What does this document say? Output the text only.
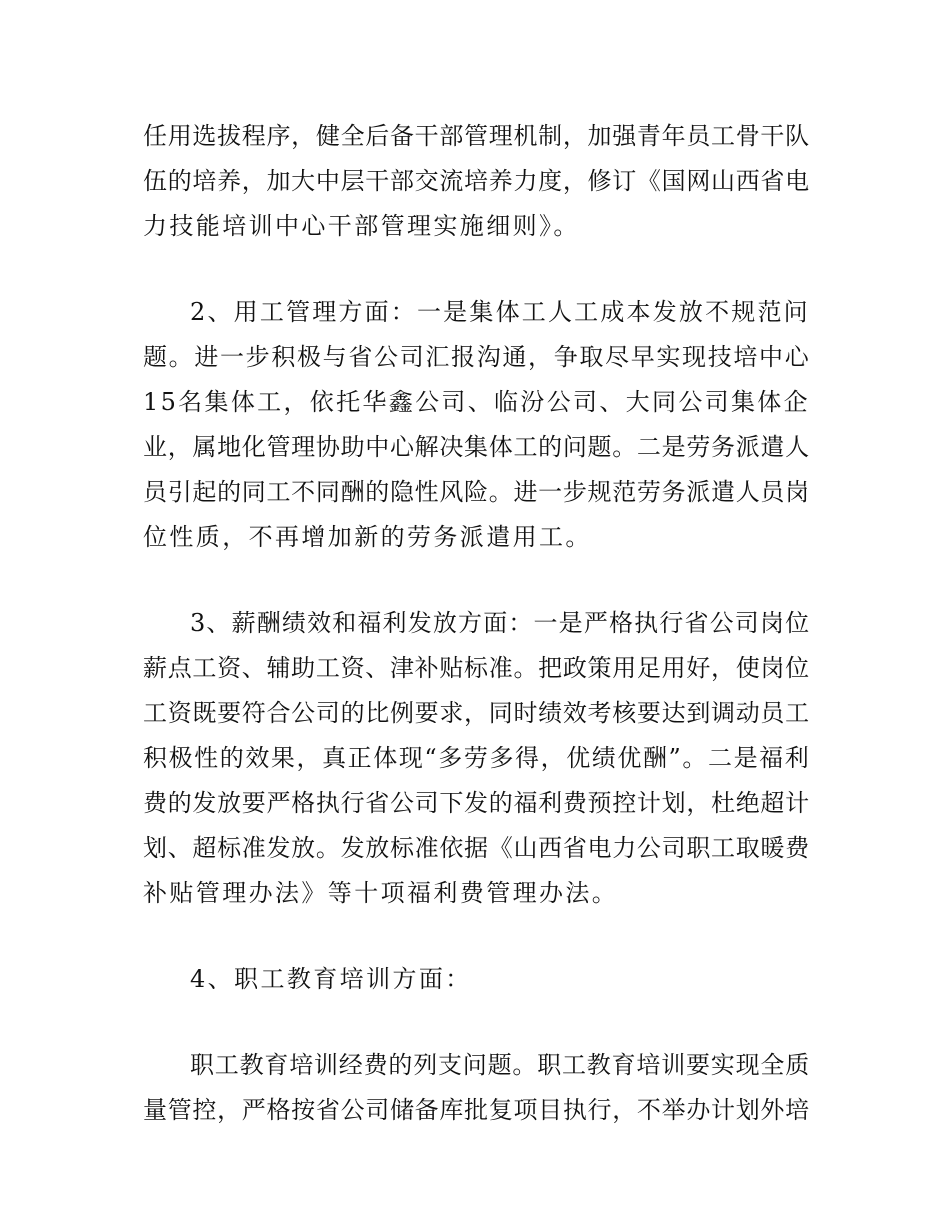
任用选拔程序，健全后备干部管理机制，加强青年员工骨干队
伍的培养，加大中层干部交流培养力度，修订《国网山西省电
力技能培训中心干部管理实施细则》。
2、用工管理方面：一是集体工人工成本发放不规范问
题。进一步积极与省公司汇报沟通，争取尽早实现技培中心
15名集体工，依托华鑫公司、临汾公司、大同公司集体企
业，属地化管理协助中心解决集体工的问题。二是劳务派遣人
员引起的同工不同酬的隐性风险。进一步规范劳务派遣人员岗
位性质，不再增加新的劳务派遣用工。
3、薪酬绩效和福利发放方面：一是严格执行省公司岗位
薪点工资、辅助工资、津补贴标准。把政策用足用好，使岗位
工资既要符合公司的比例要求，同时绩效考核要达到调动员工
积极性的效果，真正体现“多劳多得，优绩优酬”。二是福利
费的发放要严格执行省公司下发的福利费预控计划，杜绝超计
划、超标准发放。发放标准依据《山西省电力公司职工取暖费
补贴管理办法》等十项福利费管理办法。
4、职工教育培训方面：
职工教育培训经费的列支问题。职工教育培训要实现全质
量管控，严格按省公司储备库批复项目执行，不举办计划外培
